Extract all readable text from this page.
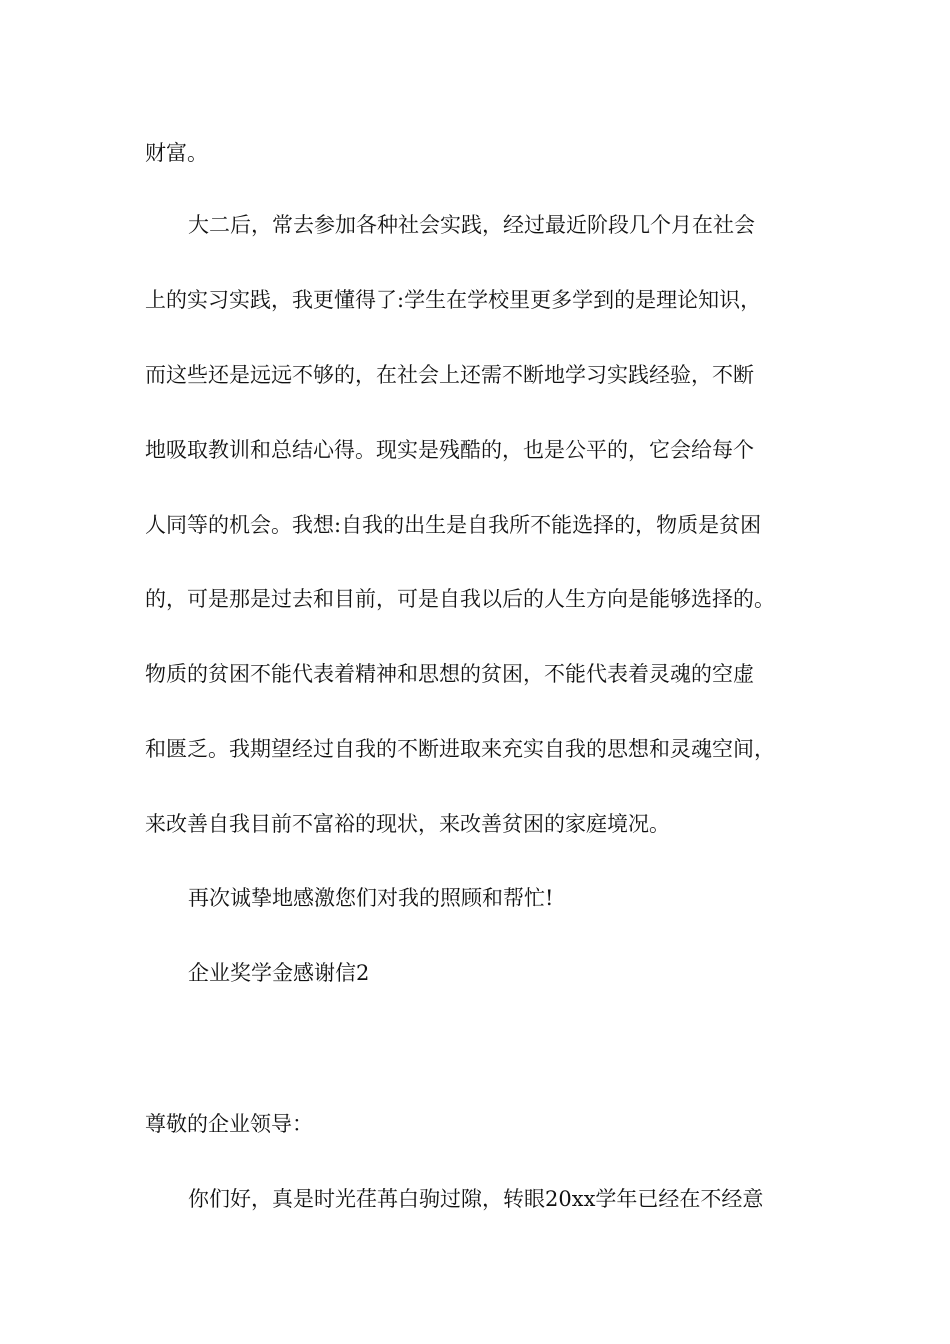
财富。
大二后，常去参加各种社会实践，经过最近阶段几个月在社会
上的实习实践，我更懂得了:学生在学校里更多学到的是理论知识，
而这些还是远远不够的，在社会上还需不断地学习实践经验，不断
地吸取教训和总结心得。现实是残酷的，也是公平的，它会给每个
人同等的机会。我想:自我的出生是自我所不能选择的，物质是贫困
的，可是那是过去和目前，可是自我以后的人生方向是能够选择的。
物质的贫困不能代表着精神和思想的贫困，不能代表着灵魂的空虚
和匮乏。我期望经过自我的不断进取来充实自我的思想和灵魂空间，
来改善自我目前不富裕的现状，来改善贫困的家庭境况。
再次诚挚地感激您们对我的照顾和帮忙!
企业奖学金感谢信2
尊敬的企业领导：
你们好，真是时光荏苒白驹过隙，转眼20xx学年已经在不经意
